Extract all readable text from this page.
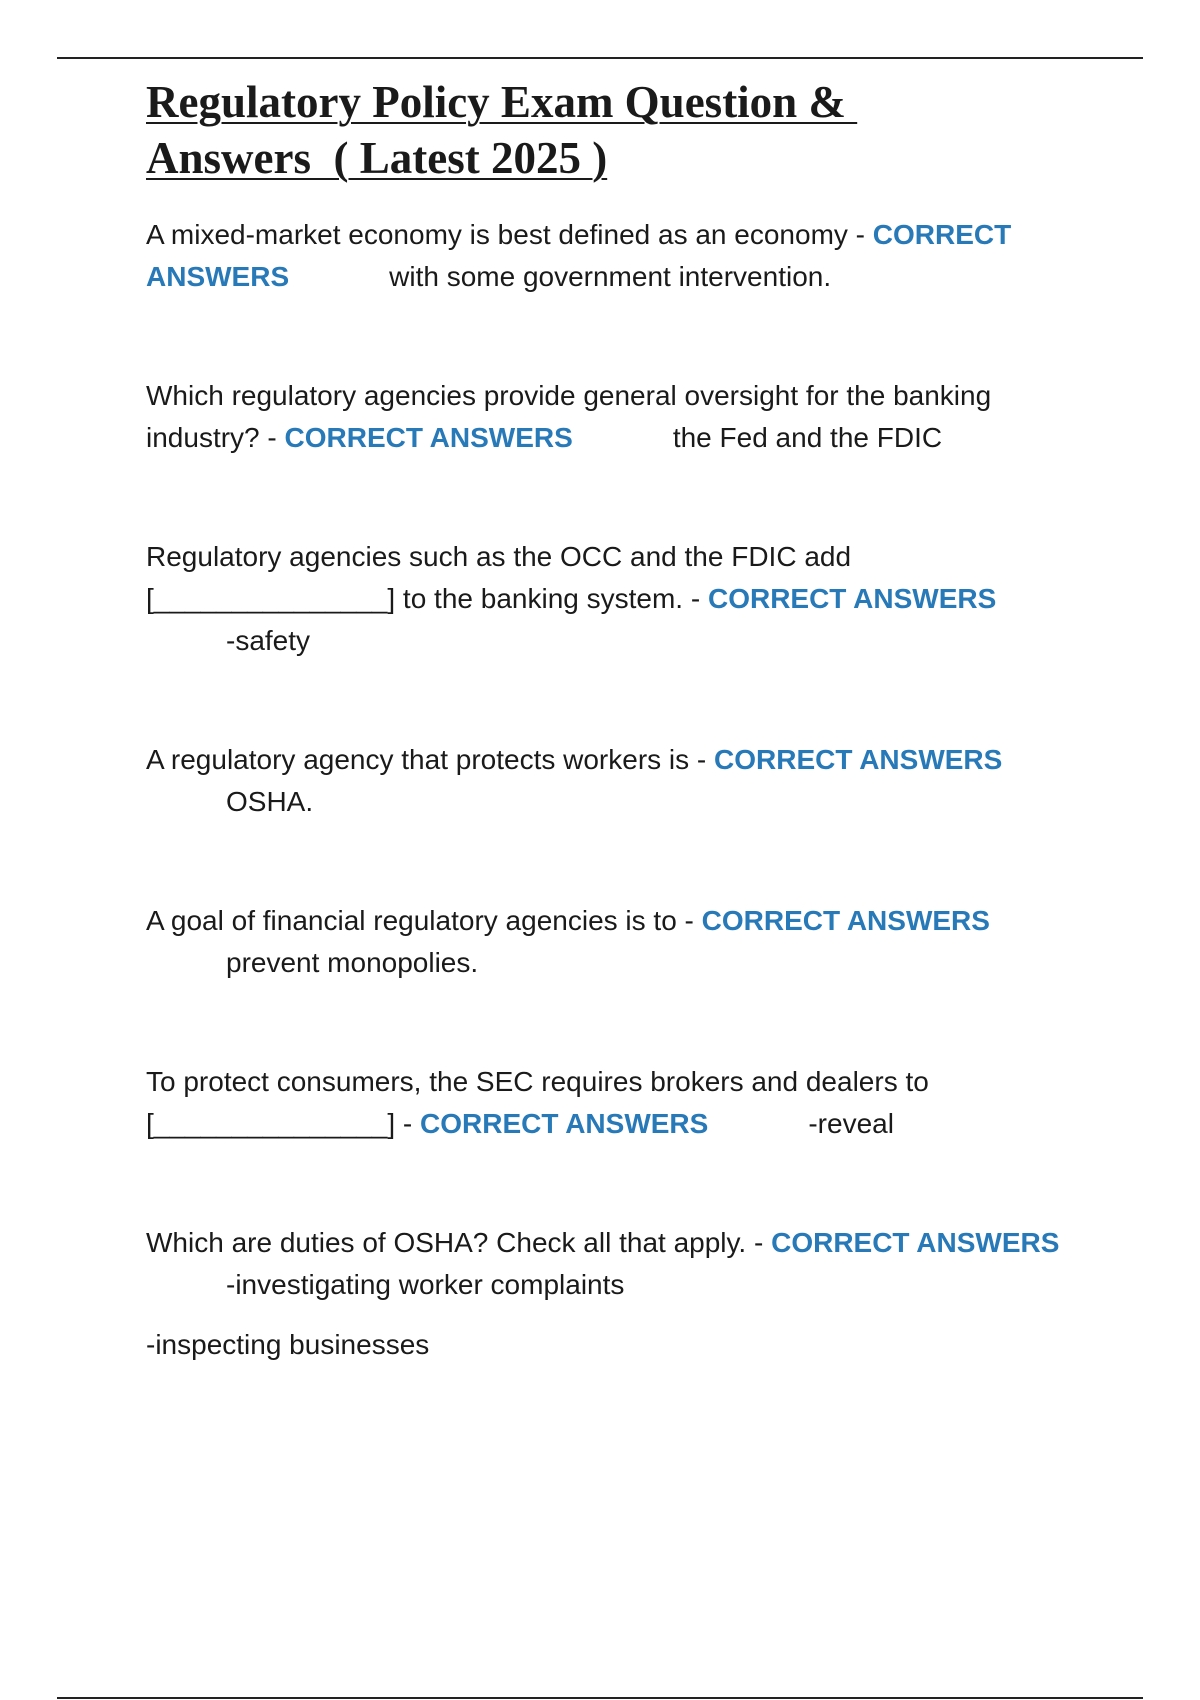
Regulatory Policy Exam Question &
Answers  ( Latest 2025 )
A mixed-market economy is best defined as an economy - CORRECT
ANSWERS	with some government intervention.
Which regulatory agencies provide general oversight for the banking
industry? - CORRECT ANSWERS	the Fed and the FDIC
Regulatory agencies such as the OCC and the FDIC add
[_______________] to the banking system. - CORRECT ANSWERS
-safety
A regulatory agency that protects workers is - CORRECT ANSWERS
OSHA.
A goal of financial regulatory agencies is to - CORRECT ANSWERS
prevent monopolies.
To protect consumers, the SEC requires brokers and dealers to
[_______________] - CORRECT ANSWERS	-reveal
Which are duties of OSHA? Check all that apply. - CORRECT ANSWERS
-investigating worker complaints

-inspecting businesses
